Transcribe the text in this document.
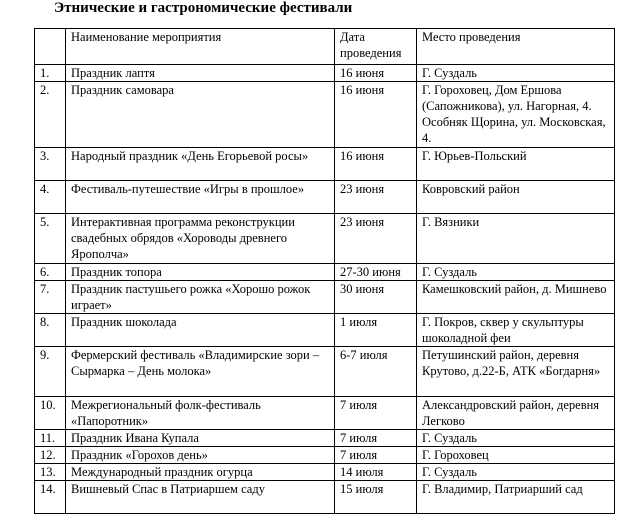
Этнические и гастрономические фестивали
	Наименование мероприятия	Дата проведения	Место проведения
1.	Праздник лаптя	16 июня	Г. Суздаль
2.	Праздник самовара	16 июня	Г. Гороховец, Дом Ершова (Сапожникова), ул. Нагорная, 4. Особняк Щорина, ул. Московская, 4.
3.	Народный праздник «День Егорьевой росы»	16 июня	Г. Юрьев-Польский
4.	Фестиваль-путешествие «Игры в прошлое»	23 июня	Ковровский район
5.	Интерактивная программа реконструкции свадебных обрядов «Хороводы древнего Ярополча»	23 июня	Г. Вязники
6.	Праздник топора	27-30 июня	Г. Суздаль
7.	Праздник пастушьего рожка «Хорошо рожок играет»	30 июня	Камешковский район, д. Мишнево
8.	Праздник шоколада	1 июля	Г. Покров, сквер у скульптуры шоколадной феи
9.	Фермерский фестиваль «Владимирские зори – Сырмарка – День молока»	6-7 июля	Петушинский район, деревня Крутово, д.22-Б, АТК «Богдарня»
10.	Межрегиональный фолк-фестиваль «Папоротник»	7 июля	Александровский район, деревня Легково
11.	Праздник Ивана Купала	7 июля	Г. Суздаль
12.	Праздник «Горохов день»	7 июля	Г. Гороховец
13.	Международный праздник огурца	14 июля	Г. Суздаль
14.	Вишневый Спас в Патриаршем саду	15 июля	Г. Владимир, Патриарший сад
